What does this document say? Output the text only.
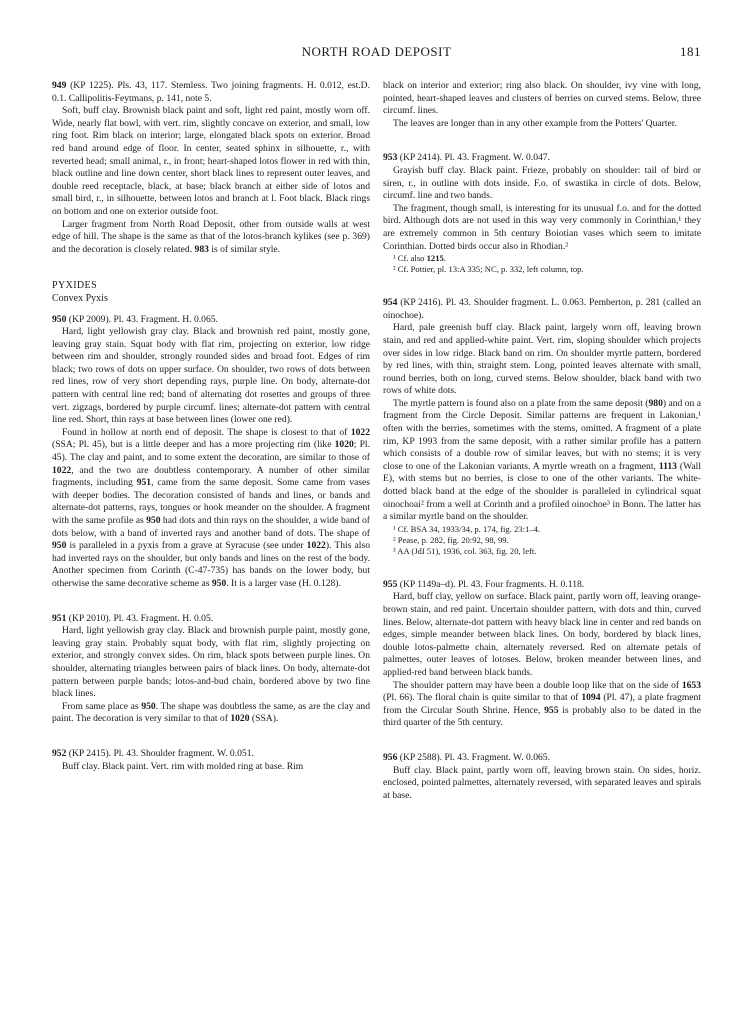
NORTH ROAD DEPOSIT	181

949 (KP 1225). Pls. 43, 117. Stemless. Two joining fragments. H. 0.012, est.D. 0.1. Callipolitis-Feytmans, p. 141, note 5.

Soft, buff clay. Brownish black paint and soft, light red paint, mostly worn off. Wide, nearly flat bowl, with vert. rim, slightly concave on exterior, and small, low ring foot. Rim black on interior; large, elongated black spots on exterior. Broad red band around edge of floor. In center, seated sphinx in silhouette, r., with reverted head; small animal, r., in front; heart-shaped lotos flower in red with thin, black outline and line down center, short black lines to represent outer leaves, and double reed receptacle, black, at base; black branch at either side of lotos and small bird, r., in silhouette, between lotos and branch at l. Foot black. Black rings on bottom and one on exterior outside foot.

Larger fragment from North Road Deposit, other from outside walls at west edge of hill. The shape is the same as that of the lotos-branch kylikes (see p. 369) and the decoration is closely related. 983 is of similar style.

PYXIDES
Convex Pyxis

950 (KP 2009). Pl. 43. Fragment. H. 0.065.

Hard, light yellowish gray clay. Black and brownish red paint, mostly gone, leaving gray stain. Squat body with flat rim, projecting on exterior, low ridge between rim and shoulder, strongly rounded sides and broad foot. Edges of rim black; two rows of dots on upper surface. On shoulder, two rows of dots between red lines, row of very short depending rays, purple line. On body, alternate-dot pattern with central line red; band of alternating dot rosettes and groups of three vert. zigzags, bordered by purple circumf. lines; alternate-dot pattern with central line red. Short, thin rays at base between lines (lower one red).

Found in hollow at north end of deposit. The shape is closest to that of 1022 (SSA; Pl. 45), but is a little deeper and has a more projecting rim (like 1020; Pl. 45). The clay and paint, and to some extent the decoration, are similar to those of 1022, and the two are doubtless contemporary. A number of other similar fragments, including 951, came from the same deposit. Some came from vases with deeper bodies. The decoration consisted of bands and lines, or bands and alternate-dot patterns, rays, tongues or hook meander on the shoulder. A fragment with the same profile as 950 had dots and thin rays on the shoulder, a wide band of dots below, with a band of inverted rays and another band of dots. The shape of 950 is paralleled in a pyxis from a grave at Syracuse (see under 1022). This also had inverted rays on the shoulder, but only bands and lines on the rest of the body. Another specimen from Corinth (C-47-735) has bands on the lower body, but otherwise the same decorative scheme as 950. It is a larger vase (H. 0.128).

951 (KP 2010). Pl. 43. Fragment. H. 0.05.

Hard, light yellowish gray clay. Black and brownish purple paint, mostly gone, leaving gray stain. Probably squat body, with flat rim, slightly projecting on exterior, and strongly convex sides. On rim, black spots between purple lines. On shoulder, alternating triangles between pairs of black lines. On body, alternate-dot pattern between purple bands; lotos-and-bud chain, bordered above by two fine black lines.

From same place as 950. The shape was doubtless the same, as are the clay and paint. The decoration is very similar to that of 1020 (SSA).

952 (KP 2415). Pl. 43. Shoulder fragment. W. 0.051.

Buff clay. Black paint. Vert. rim with molded ring at base. Rim

black on interior and exterior; ring also black. On shoulder, ivy vine with long, pointed, heart-shaped leaves and clusters of berries on curved stems. Below, three circumf. lines.

The leaves are longer than in any other example from the Potters' Quarter.

953 (KP 2414). Pl. 43. Fragment. W. 0.047.

Grayish buff clay. Black paint. Frieze, probably on shoulder: tail of bird or siren, r., in outline with dots inside. F.o. of swastika in circle of dots. Below, circumf. line and two bands.

The fragment, though small, is interesting for its unusual f.o. and for the dotted bird. Although dots are not used in this way very commonly in Corinthian,¹ they are extremely common in 5th century Boiotian vases which seem to imitate Corinthian. Dotted birds occur also in Rhodian.²

¹ Cf. also 1215.

² Cf. Pottier, pl. 13:A 335; NC, p. 332, left column, top.

954 (KP 2416). Pl. 43. Shoulder fragment. L. 0.063. Pemberton, p. 281 (called an oinochoe).

Hard, pale greenish buff clay. Black paint, largely worn off, leaving brown stain, and red and applied-white paint. Vert. rim, sloping shoulder which projects over sides in low ridge. Black band on rim. On shoulder myrtle pattern, bordered by red lines, with thin, straight stem. Long, pointed leaves alternate with small, round berries, both on long, curved stems. Below shoulder, black band with two rows of white dots.

The myrtle pattern is found also on a plate from the same deposit (980) and on a fragment from the Circle Deposit. Similar patterns are frequent in Lakonian,¹ often with the berries, sometimes with the stems, omitted. A fragment of a plate rim, KP 1993 from the same deposit, with a rather similar profile has a pattern which consists of a double row of similar leaves, but with no stems; it is very close to one of the Lakonian variants. A myrtle wreath on a fragment, 1113 (Wall E), with stems but no berries, is close to one of the other variants. The white-dotted black band at the edge of the shoulder is paralleled in cylindrical squat oinochoai² from a well at Corinth and a profiled oinochoe³ in Bonn. The latter has a similar myrtle band on the shoulder.

¹ Cf. BSA 34, 1933/34, p. 174, fig. 23:1–4.

² Pease, p. 282, fig. 20:92, 98, 99.

³ AA (JdI 51), 1936, col. 363, fig. 20, left.

955 (KP 1149a–d). Pl. 43. Four fragments. H. 0.118.

Hard, buff clay, yellow on surface. Black paint, partly worn off, leaving orange-brown stain, and red paint. Uncertain shoulder pattern, with dots and thin, curved lines. Below, alternate-dot pattern with heavy black line in center and red bands on edges, simple meander between black lines. On body, bordered by black lines, double lotos-palmette chain, alternately reversed. Red on alternate petals of palmettes, outer leaves of lotoses. Below, broken meander between lines, and applied-red band between black bands.

The shoulder pattern may have been a double loop like that on the side of 1653 (Pl. 66). The floral chain is quite similar to that of 1094 (Pl. 47), a plate fragment from the Circular South Shrine. Hence, 955 is probably also to be dated in the third quarter of the 5th century.

956 (KP 2588). Pl. 43. Fragment. W. 0.065.

Buff clay. Black paint, partly worn off, leaving brown stain. On sides, horiz. enclosed, pointed palmettes, alternately reversed, with separated leaves and spirals at base.
